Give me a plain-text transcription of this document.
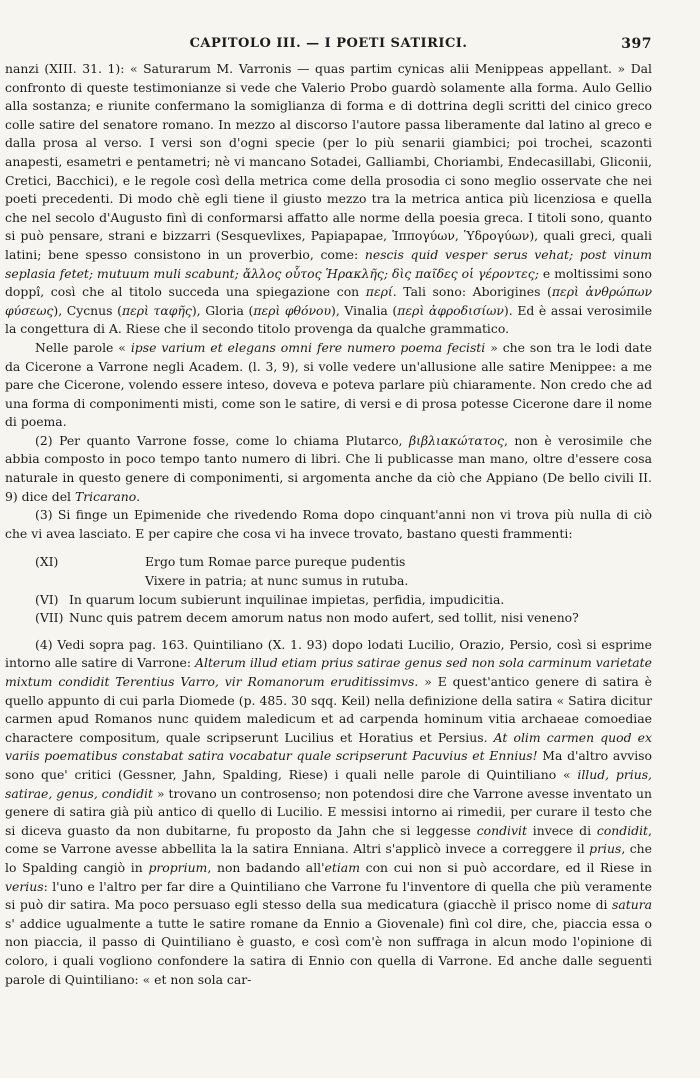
CAPITOLO III. — I POETI SATIRICI.	397

nanzi (XIII. 31. 1): « Saturarum M. Varronis — quas partim cynicas alii Menippeas appellant. » Dal confronto di queste testimonianze si vede che Valerio Probo guardò solamente alla forma. Aulo Gellio alla sostanza; e riunite confermano la somiglianza di forma e di dottrina degli scritti del cinico greco colle satire del senatore romano. In mezzo al discorso l'autore passa liberamente dal latino al greco e dalla prosa al verso. I versi son d'ogni specie (per lo più senarii giambici; poi trochei, scazonti anapesti, esametri e pentametri; nè vi mancano Sotadei, Galliambi, Choriambi, Endecasillabi, Gliconii, Cretici, Bacchici), e le regole così della metrica come della prosodia ci sono meglio osservate che nei poeti precedenti. Di modo chè egli tiene il giusto mezzo tra la metrica antica più licenziosa e quella che nel secolo d'Augusto finì di conformarsi affatto alle norme della poesia greca. I titoli sono, quanto si può pensare, strani e bizzarri (Sesquevlixes, Papiapapae, Ἱππογύων, Ὑδρογύων), quali greci, quali latini; bene spesso consistono in un proverbio, come: nescis quid vesper serus vehat; post vinum seplasia fetet; mutuum muli scabunt; ἄλλος οὗτος Ἡρακλῆς; δὶς παῖδες οἱ γέροντες; e moltissimi sono doppî, così che al titolo succeda una spiegazione con περί. Tali sono: Aborigines (περὶ ἀνθρώπων φύσεως), Cycnus (περὶ ταφῆς), Gloria (περὶ φθόνου), Vinalia (περὶ ἀφροδισίων). Ed è assai verosimile la congettura di A. Riese che il secondo titolo provenga da qualche grammatico.

Nelle parole « ipse varium et elegans omni fere numero poema fecisti » che son tra le lodi date da Cicerone a Varrone negli Academ. (l. 3, 9), si volle vedere un'allusione alle satire Menippee: a me pare che Cicerone, volendo essere inteso, doveva e poteva parlare più chiaramente. Non credo che ad una forma di componimenti misti, come son le satire, di versi e di prosa potesse Cicerone dare il nome di poema.

(2) Per quanto Varrone fosse, come lo chiama Plutarco, βιβλιακώτατος, non è verosimile che abbia composto in poco tempo tanto numero di libri. Che li publicasse man mano, oltre d'essere cosa naturale in questo genere di componimenti, si argomenta anche da ciò che Appiano (De bello civili II. 9) dice del Tricarano.

(3) Si finge un Epimenide che rivedendo Roma dopo cinquant'anni non vi trova più nulla di ciò che vi avea lasciato. E per capire che cosa vi ha invece trovato, bastano questi frammenti:

(XI)	Ergo tum Romae parce pureque pudentis
Vixere in patria; at nunc sumus in rutuba.
(VI) In quarum locum subierunt inquilinae impietas, perfidia, impudicitia.
(VII) Nunc quis patrem decem amorum natus non modo aufert, sed tollit, nisi veneno?

(4) Vedi sopra pag. 163. Quintiliano (X. 1. 93) dopo lodati Lucilio, Orazio, Persio, così si esprime intorno alle satire di Varrone: Alterum illud etiam prius satirae genus sed non sola carminum varietate mixtum condidit Terentius Varro, vir Romanorum eruditissimvs. » E quest'antico genere di satira è quello appunto di cui parla Diomede (p. 485. 30 sqq. Keil) nella definizione della satira « Satira dicitur carmen apud Romanos nunc quidem maledicum et ad carpenda hominum vitia archaeae comoediae charactere compositum, quale scripserunt Lucilius et Horatius et Persius. At olim carmen quod ex variis poematibus constabat satira vocabatur quale scripserunt Pacuvius et Ennius! Ma d'altro avviso sono que' critici (Gessner, Jahn, Spalding, Riese) i quali nelle parole di Quintiliano « illud, prius, satirae, genus, condidit » trovano un controsenso; non potendosi dire che Varrone avesse inventato un genere di satira già più antico di quello di Lucilio. E messisi intorno ai rimedii, per curare il testo che si diceva guasto da non dubitarne, fu proposto da Jahn che si leggesse condivit invece di condidit, come se Varrone avesse abbellita la la satira Enniana. Altri s'applicò invece a correggere il prius, che lo Spalding cangiò in proprium, non badando all'etiam con cui non si può accordare, ed il Riese in verius: l'uno e l'altro per far dire a Quintiliano che Varrone fu l'inventore di quella che più veramente si può dir satira. Ma poco persuaso egli stesso della sua medicatura (giacchè il prisco nome di satura s' addice ugualmente a tutte le satire romane da Ennio a Giovenale) finì col dire, che, piaccia essa o non piaccia, il passo di Quintiliano è guasto, e così com'è non suffraga in alcun modo l'opinione di coloro, i quali vogliono confondere la satira di Ennio con quella di Varrone. Ed anche dalle seguenti parole di Quintiliano: « et non sola car-
